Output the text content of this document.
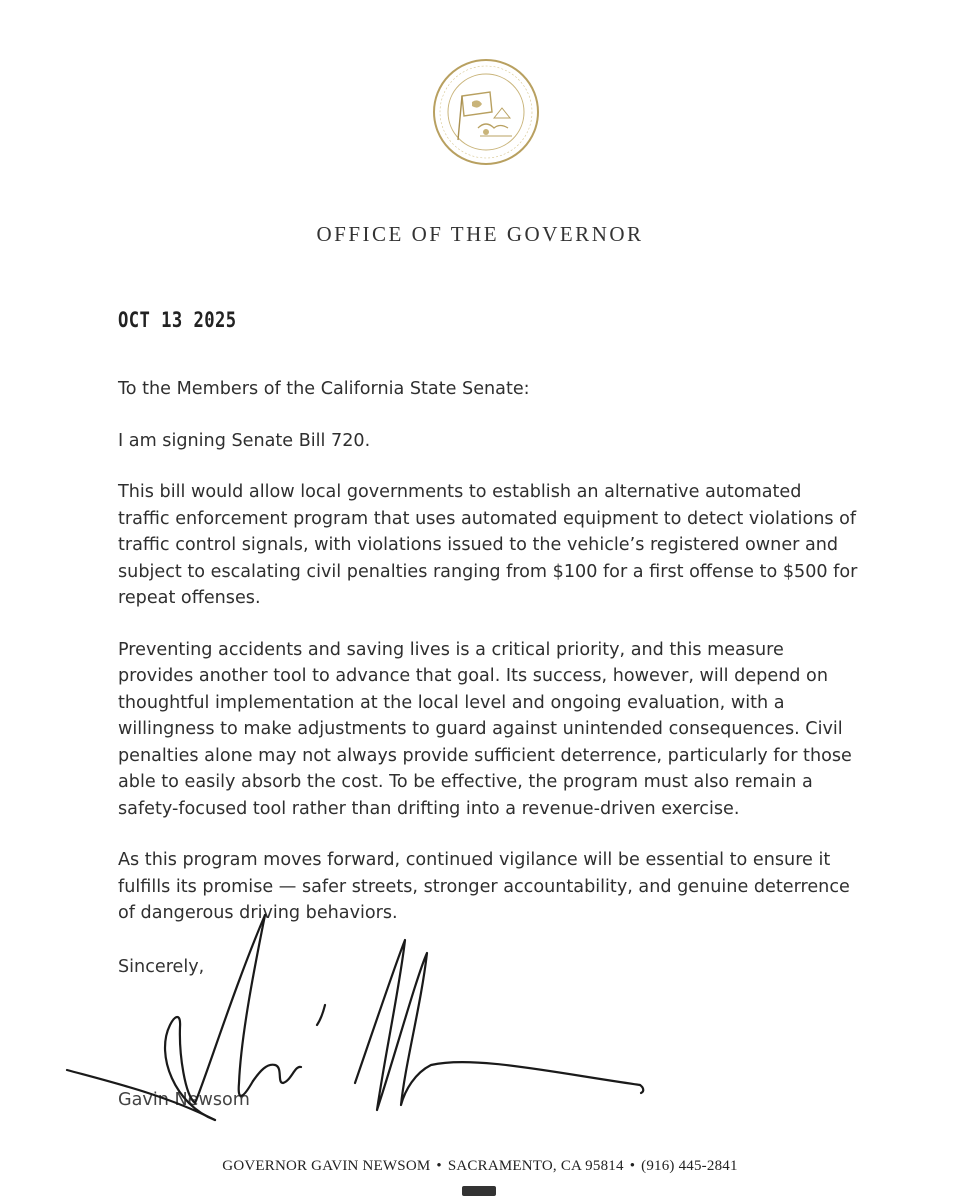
OFFICE OF THE GOVERNOR
OCT 13 2025

To the Members of the California State Senate:

I am signing Senate Bill 720.

This bill would allow local governments to establish an alternative automated traffic enforcement program that uses automated equipment to detect violations of traffic control signals, with violations issued to the vehicle’s registered owner and subject to escalating civil penalties ranging from $100 for a first offense to $500 for repeat offenses.

Preventing accidents and saving lives is a critical priority, and this measure provides another tool to advance that goal. Its success, however, will depend on thoughtful implementation at the local level and ongoing evaluation, with a willingness to make adjustments to guard against unintended consequences. Civil penalties alone may not always provide sufficient deterrence, particularly for those able to easily absorb the cost. To be effective, the program must also remain a safety-focused tool rather than drifting into a revenue-driven exercise.

As this program moves forward, continued vigilance will be essential to ensure it fulfills its promise — safer streets, stronger accountability, and genuine deterrence of dangerous driving behaviors.

Sincerely,
Gavin Newsom
GOVERNOR GAVIN NEWSOM • SACRAMENTO, CA 95814 • (916) 445-2841
